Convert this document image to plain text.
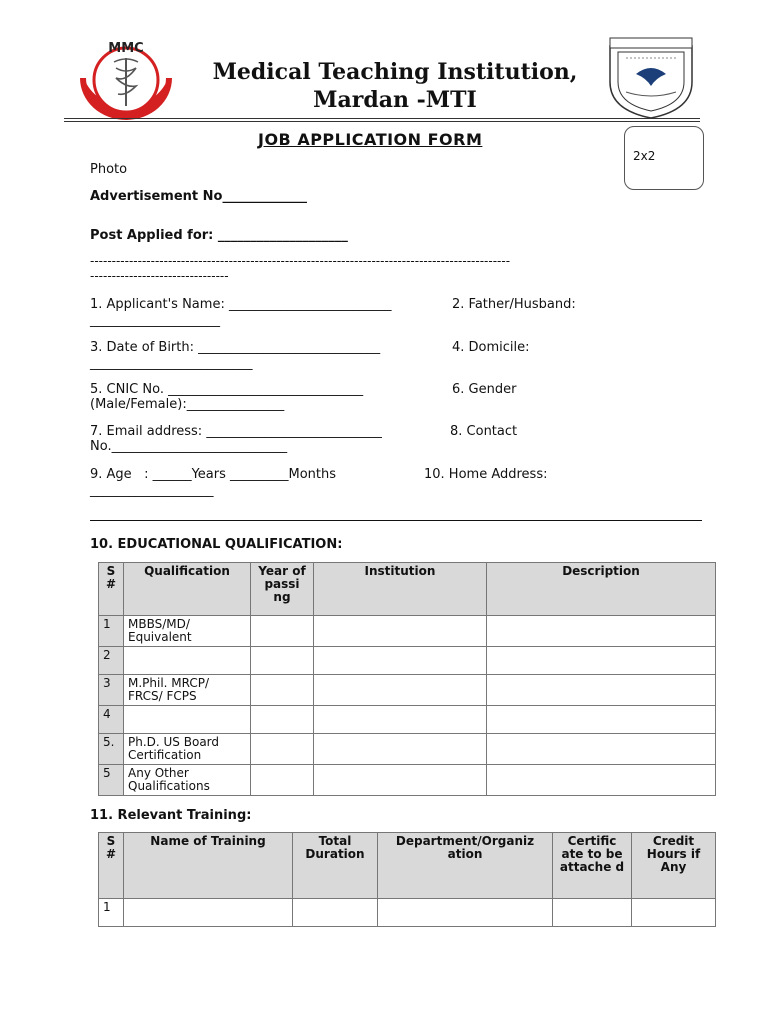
MMC
Medical Teaching Institution,
Mardan -MTI
JOB APPLICATION FORM
2x2
Photo
Advertisement No_____________
Post Applied for: ____________________
-------------------------------------------------------------------------------------------------
--------------------------------
1. Applicant's Name: _________________________	2. Father/Husband:
____________________
3. Date of Birth: ____________________________	4. Domicile:
_________________________
5. CNIC No. ______________________________	6. Gender
(Male/Female):_______________
7. Email address: ___________________________	8. Contact
No.___________________________
9. Age   : ______Years _________Months	10. Home Address:
___________________
10. EDUCATIONAL QUALIFICATION:
S #	Qualification	Year of passi ng	Institution	Description
1	MBBS/MD/ Equivalent			
2				
3	M.Phil. MRCP/ FRCS/ FCPS			
4				
5.	Ph.D. US Board Certification			
5	Any Other Qualifications			
11. Relevant Training:
S #	Name of Training	Total Duration	Department/Organiz ation	Certific ate to be attache d	Credit Hours if Any
1					
